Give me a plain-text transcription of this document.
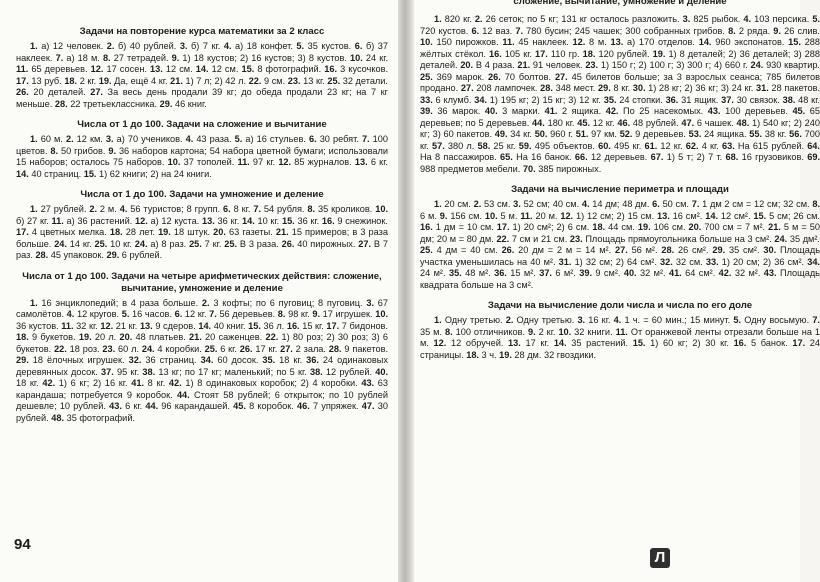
Задачи на повторение курса математики за 2 класс

1. а) 12 человек. 2. б) 40 рублей. 3. б) 7 кг. 4. а) 18 конфет. 5. 35 кустов. 6. б) 37 наклеек. 7. а) 18 м. 8. 27 тетрадей. 9. 1) 18 кустов; 2) 16 кустов; 3) 8 кустов. 10. 24 кг. 11. 65 деревьев. 12. 17 сосен. 13. 12 см. 14. 12 см. 15. 8 фотографий. 16. 3 кусочков. 17. 13 руб. 18. 2 кг. 19. Да, ещё 4 кг. 21. 1) 7 л; 2) 42 л. 22. 9 см. 23. 13 кг. 25. 32 детали. 26. 20 деталей. 27. За весь день продали 39 кг; до обеда продали 23 кг; на 7 кг меньше. 28. 22 третьеклассника. 29. 46 книг.

Числа от 1 до 100. Задачи на сложение и вычитание

1. 60 м. 2. 12 км. 3. а) 70 учеников. 4. 43 раза. 5. а) 16 стульев. 6. 30 ребят. 7. 100 цветов. 8. 50 грибов. 9. 36 наборов картона; 54 набора цветной бумаги; использовали 15 наборов; осталось 75 наборов. 10. 37 тополей. 11. 97 кг. 12. 85 журналов. 13. 6 кг. 14. 40 страниц. 15. 1) 62 книги; 2) на 24 книги.

Числа от 1 до 100. Задачи на умножение и деление

1. 27 рублей. 2. 2 м. 4. 56 туристов; 8 групп. 6. 8 кг. 7. 54 рубля. 8. 35 кроликов. 10. б) 27 кг. 11. а) 36 растений. 12. а) 12 куста. 13. 36 кг. 14. 10 кг. 15. 36 кг. 16. 9 снежинок. 17. 4 цветных мелка. 18. 28 лет. 19. 18 штук. 20. 63 газеты. 21. 15 примеров; в 3 раза больше. 24. 14 кг. 25. 10 кг. 24. а) 8 раз. 25. 7 кг. 25. В 3 раза. 26. 40 пирожных. 27. В 7 раз. 28. 45 упаковок. 29. 6 рублей.

Числа от 1 до 100. Задачи на четыре арифметических действия: сложение, вычитание, умножение и деление

1. 16 энциклопедий; в 4 раза больше. 2. 3 кофты; по 6 пуговиц; 8 пуговиц. 3. 67 самолётов. 4. 12 кругов. 5. 16 часов. 6. 12 кг. 7. 56 деревьев. 8. 98 кг. 9. 17 игрушек. 10. 36 кустов. 11. 32 кг. 12. 21 кг. 13. 9 сдеров. 14. 40 книг. 15. 36 л. 16. 15 кг. 17. 7 бидонов. 18. 9 букетов. 19. 20 л. 20. 48 платьев. 21. 20 саженцев. 22. 1) 80 роз; 2) 30 роз; 3) 6 букетов. 22. 18 роз. 23. 60 л. 24. 4 коробки. 25. 6 кг. 26. 17 кг. 27. 2 зала. 28. 9 пакетов. 29. 18 ёлочных игрушек. 32. 36 страниц. 34. 60 досок. 35. 18 кг. 36. 24 одинаковых деревянных досок. 37. 95 кг. 38. 13 кг; по 17 кг; маленький; по 5 кг. 38. 12 рублей. 40. 18 кг. 42. 1) 6 кг; 2) 16 кг. 41. 8 кг. 42. 1) 8 одинаковых коробок; 2) 4 коробки. 43. 63 карандаша; потребуется 9 коробок. 44. Стоят 58 рублей; 6 открыток; по 10 рублей дешевле; 10 рублей. 43. 6 кг. 44. 96 карандашей. 45. 8 коробок. 46. 7 упряжек. 47. 30 рублей. 48. 35 фотографий.

94
сложение, вычитание, умножение и деление

1. 820 кг. 2. 26 сеток; по 5 кг; 131 кг осталось разложить. 3. 825 рыбок. 4. 103 персика. 5. 720 кустов. 6. 12 ваз. 7. 780 бусин; 245 чашек; 300 собранных грибов. 8. 2 ряда. 9. 26 слив. 10. 150 пирожков. 11. 45 наклеек. 12. 8 м. 13. а) 170 отделов. 14. 960 экспонатов. 15. 288 жёлтых стёкол. 16. 105 кг. 17. 110 гр. 18. 120 рублей. 19. 1) 8 деталей; 2) 36 деталей; 3) 288 деталей. 20. В 4 раза. 21. 91 человек. 23. 1) 150 г; 2) 100 г; 3) 300 г; 4) 660 г. 24. 930 квартир. 25. 369 марок. 26. 70 болтов. 27. 45 билетов больше; за 3 взрослых сеанса; 785 билетов продано. 27. 208 лампочек. 28. 348 мест. 29. 8 кг. 30. 1) 28 кг; 2) 36 кг; 3) 24 кг. 31. 28 пакетов. 33. 6 клумб. 34. 1) 195 кг; 2) 15 кг; 3) 12 кг. 35. 24 стопки. 36. 31 ящик. 37. 30 связок. 38. 48 кг. 39. 36 марок. 40. 3 марки. 41. 2 ящика. 42. По 25 насекомых. 43. 100 деревьев. 45. 65 деревьев; по 5 деревьев. 44. 180 кг. 45. 12 кг. 46. 48 рублей. 47. 6 чашек. 48. 1) 540 кг; 2) 240 кг; 3) 60 пакетов. 49. 34 кг. 50. 960 г. 51. 97 км. 52. 9 деревьев. 53. 24 ящика. 55. 38 кг. 56. 700 кг. 57. 380 л. 58. 25 кг. 59. 495 объектов. 60. 495 кг. 61. 12 кг. 62. 4 кг. 63. На 615 рублей. 64. На 8 пассажиров. 65. На 16 банок. 66. 12 деревьев. 67. 1) 5 т; 2) 7 т. 68. 16 грузовиков. 69. 988 предметов мебели. 70. 385 пирожных.

Задачи на вычисление периметра и площади

1. 20 см. 2. 53 см. 3. 52 см; 40 см. 4. 14 дм; 48 дм. 6. 50 см. 7. 1 дм 2 см = 12 см; 32 см. 8. 6 м. 9. 156 см. 10. 5 м. 11. 20 м. 12. 1) 12 см; 2) 15 см. 13. 16 см². 14. 12 см². 15. 5 см; 26 см. 16. 1 дм = 10 см. 17. 1) 20 см²; 2) 6 см. 18. 44 см. 19. 106 см. 20. 700 см = 7 м². 21. 5 м = 50 дм; 20 м = 80 дм. 22. 7 см и 21 см. 23. Площадь прямоугольника больше на 3 см². 24. 35 дм². 25. 4 дм = 40 см. 26. 20 дм = 2 м = 14 м². 27. 56 м². 28. 26 см². 29. 35 см². 30. Площадь участка уменьшилась на 40 м². 31. 1) 32 см; 2) 64 см². 32. 32 см. 33. 1) 20 см; 2) 36 см². 34. 24 м². 35. 48 м². 36. 15 м². 37. 6 м². 39. 9 см². 40. 32 м². 41. 64 см². 42. 32 м². 43. Площадь квадрата больше на 3 см².

Задачи на вычисление доли числа и числа по его доле

1. Одну третью. 2. Одну третью. 3. 16 кг. 4. 1 ч. = 60 мин.; 15 минут. 5. Одну восьмую. 7. 35 м. 8. 100 отличников. 9. 2 кг. 10. 32 книги. 11. От оранжевой ленты отрезали больше на 1 м. 12. 12 обручей. 13. 17 кг. 14. 35 растений. 15. 1) 60 кг; 2) 30 кг. 16. 5 банок. 17. 24 страницы. 18. 3 ч. 19. 28 дм. 32 гвоздики.

Л
